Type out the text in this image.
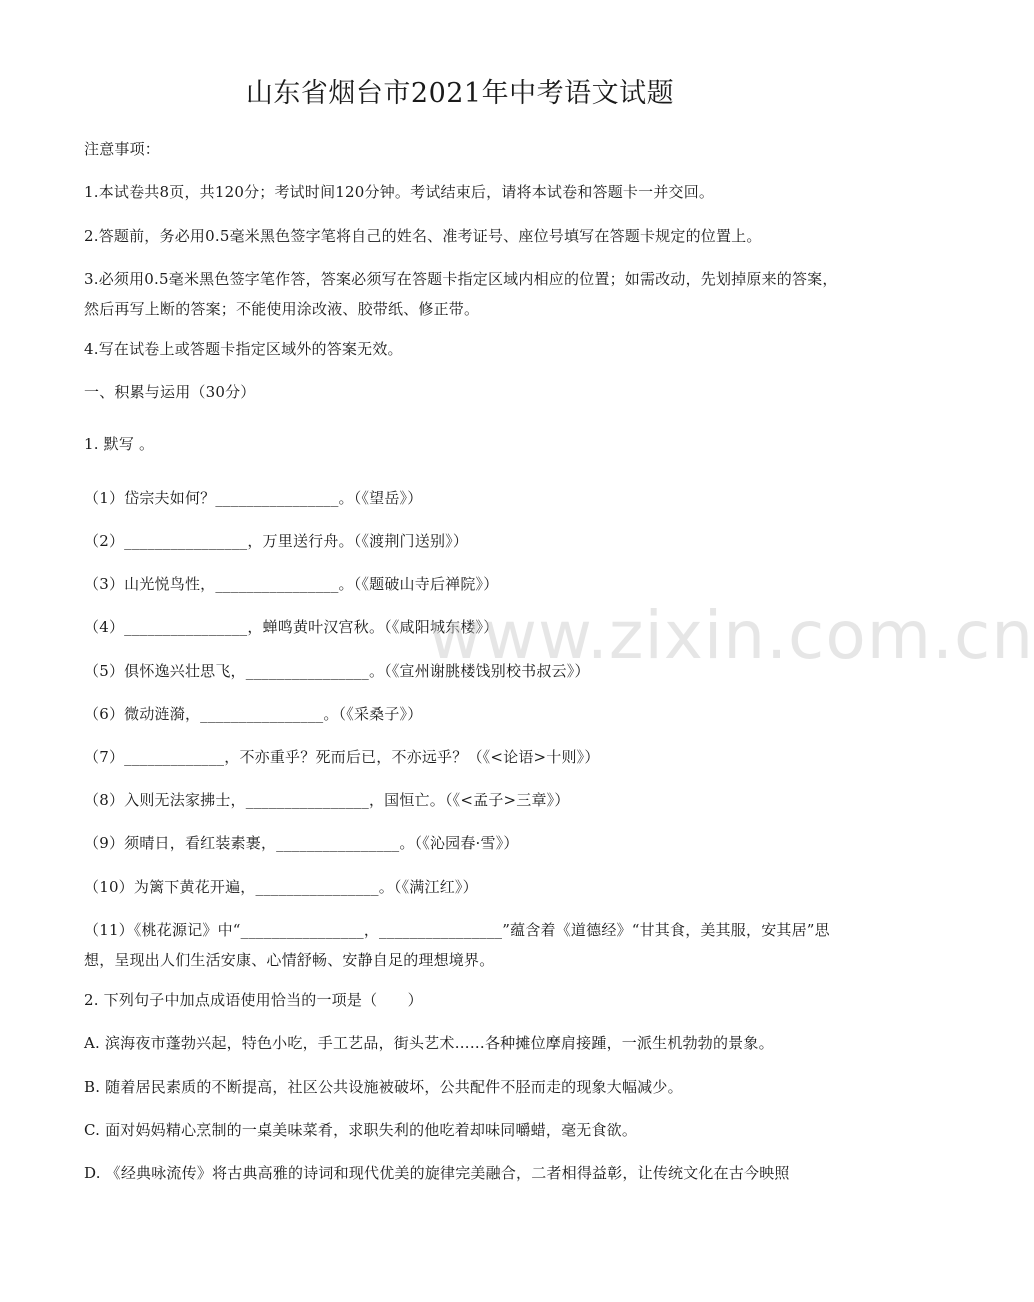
山东省烟台市2021年中考语文试题
注意事项：
1.本试卷共8页，共120分；考试时间120分钟。考试结束后，请将本试卷和答题卡一并交回。
2.答题前，务必用0.5毫米黑色签字笔将自己的姓名、准考证号、座位号填写在答题卡规定的位置上。
3.必须用0.5毫米黑色签字笔作答，答案必须写在答题卡指定区域内相应的位置；如需改动，先划掉原来的答案，然后再写上断的答案；不能使用涂改液、胶带纸、修正带。
4.写在试卷上或答题卡指定区域外的答案无效。
一、积累与运用（30分）
1. 默写 。
（1）岱宗夫如何？________________。（《望岳》）
（2）________________，万里送行舟。（《渡荆门送别》）
（3）山光悦鸟性，________________。（《题破山寺后禅院》）
（4）________________，蝉鸣黄叶汉宫秋。（《咸阳城东楼》）
（5）俱怀逸兴壮思飞，________________。（《宣州谢朓楼饯别校书叔云》）
（6）微动涟漪，________________。（《采桑子》）
（7）_____________，不亦重乎？死而后已，不亦远乎？（《<论语>十则》）
（8）入则无法家拂士，________________，国恒亡。（《<孟子>三章》）
（9）须晴日，看红装素裹，________________。（《沁园春·雪》）
（10）为篱下黄花开遍，________________。（《满江红》）
（11）《桃花源记》中“________________，________________”蕴含着《道德经》“甘其食，美其服，安其居”思想，呈现出人们生活安康、心情舒畅、安静自足的理想境界。
2. 下列句子中加点成语使用恰当的一项是（　　）
A. 滨海夜市蓬勃兴起，特色小吃，手工艺品，街头艺术……各种摊位摩肩接踵，一派生机勃勃的景象。
B. 随着居民素质的不断提高，社区公共设施被破坏，公共配件不胫而走的现象大幅减少。
C. 面对妈妈精心烹制的一桌美味菜肴，求职失利的他吃着却味同嚼蜡，毫无食欲。
D. 《经典咏流传》将古典高雅的诗词和现代优美的旋律完美融合，二者相得益彰，让传统文化在古今映照
www.zixin.com.cn
